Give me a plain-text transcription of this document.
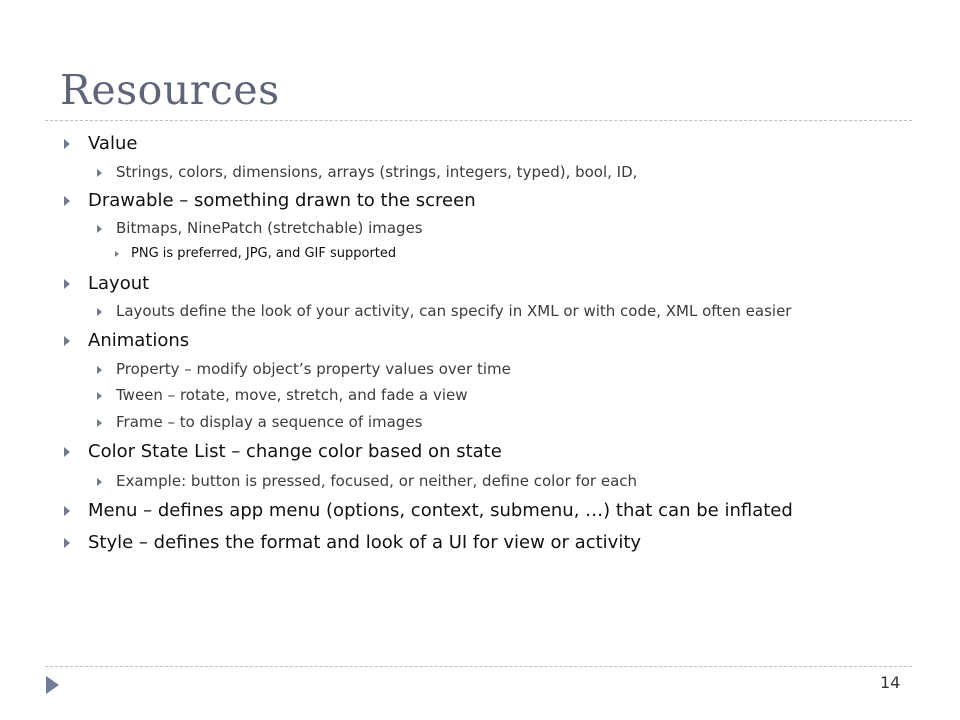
Resources
Value
Strings, colors, dimensions, arrays (strings, integers, typed), bool, ID,
Drawable – something drawn to the screen
Bitmaps, NinePatch (stretchable) images
PNG is preferred, JPG, and GIF supported
Layout
Layouts define the look of your activity, can specify in XML or with code, XML often easier
Animations
Property – modify object’s property values over time
Tween – rotate, move, stretch, and fade a view
Frame – to display a sequence of images
Color State List – change color based on state
Example: button is pressed, focused, or neither, define color for each
Menu – defines app menu (options, context, submenu, …) that can be inflated
Style – defines the format and look of a UI for view or activity
14
